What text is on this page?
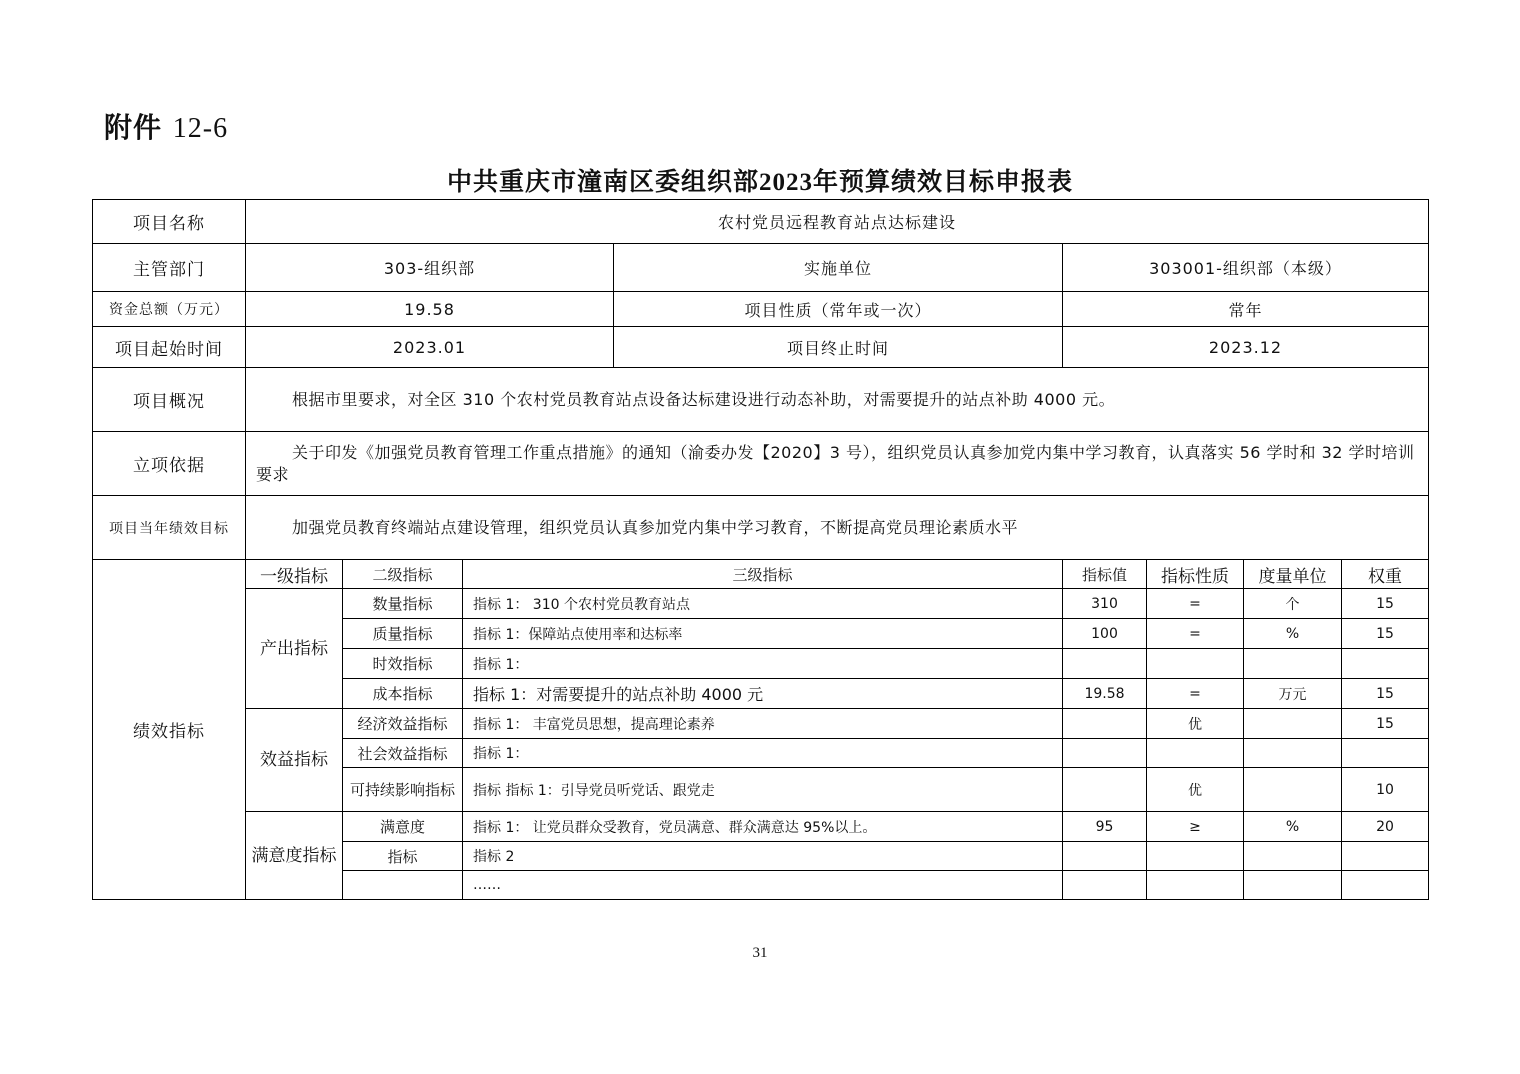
附件 12-6
中共重庆市潼南区委组织部2023年预算绩效目标申报表
项目名称	农村党员远程教育站点达标建设							
主管部门	303-组织部			实施单位	303001-组织部（本级）			
资金总额（万元）	19.58			项目性质（常年或一次）	常年			
项目起始时间	2023.01			项目终止时间	2023.12			
项目概况	根据市里要求，对全区 310 个农村党员教育站点设备达标建设进行动态补助，对需要提升的站点补助 4000 元。							
立项依据	关于印发《加强党员教育管理工作重点措施》的通知（渝委办发【2020】3 号），组织党员认真参加党内集中学习教育，认真落实 56 学时和 32 学时培训要求							
项目当年绩效目标	加强党员教育终端站点建设管理，组织党员认真参加党内集中学习教育，不断提高党员理论素质水平							
绩效指标	一级指标	二级指标	三级指标		指标值	指标性质	度量单位	权重
	产出指标	数量指标	指标 1： 310 个农村党员教育站点		310	=	个	15
		质量指标	指标 1：保障站点使用率和达标率		100	=	%	15
		时效指标	指标 1：					
		成本指标	指标 1：对需要提升的站点补助 4000 元		19.58	=	万元	15
	效益指标	经济效益指标	指标 1： 丰富党员思想，提高理论素养			优		15
		社会效益指标	指标 1：					
		可持续影响指标	指标 指标 1：引导党员听党话、跟党走			优		10
	满意度指标	满意度	指标 1： 让党员群众受教育，党员满意、群众满意达 95%以上。		95	≥	%	20
		指标	指标 2					
			……					
31
